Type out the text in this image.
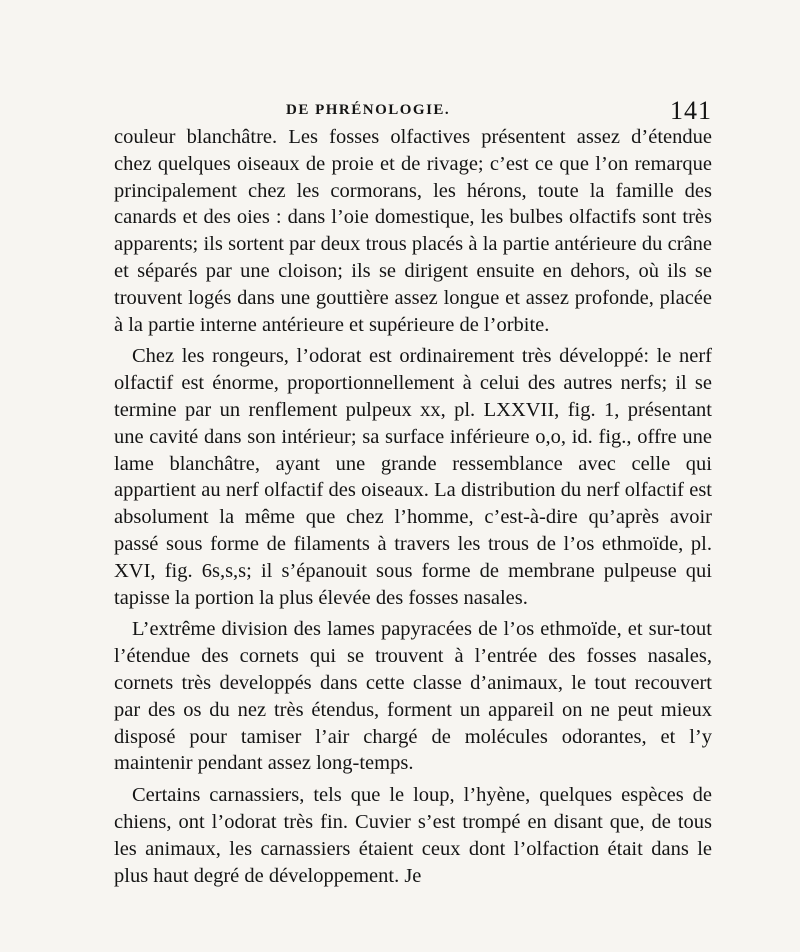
DE PHRÉNOLOGIE.	141

couleur blanchâtre. Les fosses olfactives présentent assez d’étendue chez quelques oiseaux de proie et de rivage; c’est ce que l’on remarque principalement chez les cormorans, les hérons, toute la famille des canards et des oies : dans l’oie domestique, les bulbes olfactifs sont très apparents; ils sortent par deux trous placés à la partie antérieure du crâne et séparés par une cloison; ils se dirigent ensuite en dehors, où ils se trouvent logés dans une gouttière assez longue et assez profonde, placée à la partie interne antérieure et supérieure de l’orbite.

Chez les rongeurs, l’odorat est ordinairement très développé: le nerf olfactif est énorme, proportionnellement à celui des autres nerfs; il se termine par un renflement pulpeux xx, pl. LXXVII, fig. 1, présentant une cavité dans son intérieur; sa surface inférieure o,o, id. fig., offre une lame blanchâtre, ayant une grande ressemblance avec celle qui appartient au nerf olfactif des oiseaux. La distribution du nerf olfactif est absolument la même que chez l’homme, c’est-à-dire qu’après avoir passé sous forme de filaments à travers les trous de l’os ethmoïde, pl. XVI, fig. 6s,s,s; il s’épanouit sous forme de membrane pulpeuse qui tapisse la portion la plus élevée des fosses nasales.

L’extrême division des lames papyracées de l’os ethmoïde, et sur-tout l’étendue des cornets qui se trouvent à l’entrée des fosses nasales, cornets très developpés dans cette classe d’animaux, le tout recouvert par des os du nez très étendus, forment un appareil on ne peut mieux disposé pour tamiser l’air chargé de molécules odorantes, et l’y maintenir pendant assez long-temps.

Certains carnassiers, tels que le loup, l’hyène, quelques espèces de chiens, ont l’odorat très fin. Cuvier s’est trompé en disant que, de tous les animaux, les carnassiers étaient ceux dont l’olfaction était dans le plus haut degré de développement. Je
